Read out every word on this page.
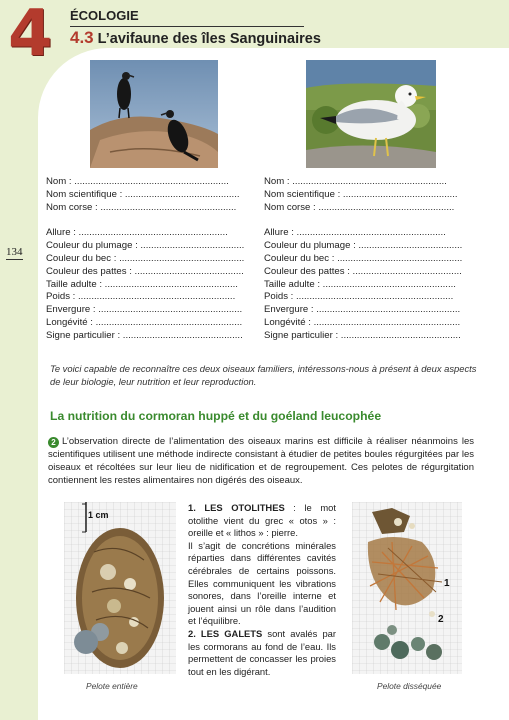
4 ÉCOLOGIE
4.3 L’avifaune des îles Sanguinaires
134
Nom : ..........................................................
Nom scientifique : ...........................................
Nom corse : ...................................................
Allure : ........................................................
Couleur du plumage : .......................................
Couleur du bec : ...............................................
Couleur des pattes : .........................................
Taille adulte : ..................................................
Poids : ...........................................................
Envergure : ......................................................
Longévité : .......................................................
Signe particulier : .............................................
Nom : ..........................................................
Nom scientifique : ...........................................
Nom corse : ...................................................
Allure : ........................................................
Couleur du plumage : .......................................
Couleur du bec : ...............................................
Couleur des pattes : .........................................
Taille adulte : ..................................................
Poids : ...........................................................
Envergure : ......................................................
Longévité : .......................................................
Signe particulier : .............................................
Te voici capable de reconnaître ces deux oiseaux familiers, intéressons-nous à présent à deux aspects de leur biologie, leur nutrition et leur reproduction.
La nutrition du cormoran huppé et du goéland leucophée
2 L’observation directe de l’alimentation des oiseaux marins est difficile à réaliser néanmoins les scientifiques utilisent une méthode indirecte consistant à étudier de petites boules régurgitées par les oiseaux et récoltées sur leur lieu de nidification et de regroupement. Ces pelotes de régurgitation contiennent les restes alimentaires non digérés des oiseaux.
1 cm
1
2
1. LES OTOLITHES : le mot otolithe vient du grec « otos » : oreille et « lithos » : pierre.
Il s’agit de concrétions minérales réparties dans différentes cavités cérébrales de certains poissons. Elles communiquent les vibrations sonores, dans l’oreille interne et jouent ainsi un rôle dans l’audition et l’équilibre.
2. LES GALETS sont avalés par les cormorans au fond de l’eau. Ils permettent de concasser les proies tout en les digérant.
Pelote entière	Pelote disséquée
